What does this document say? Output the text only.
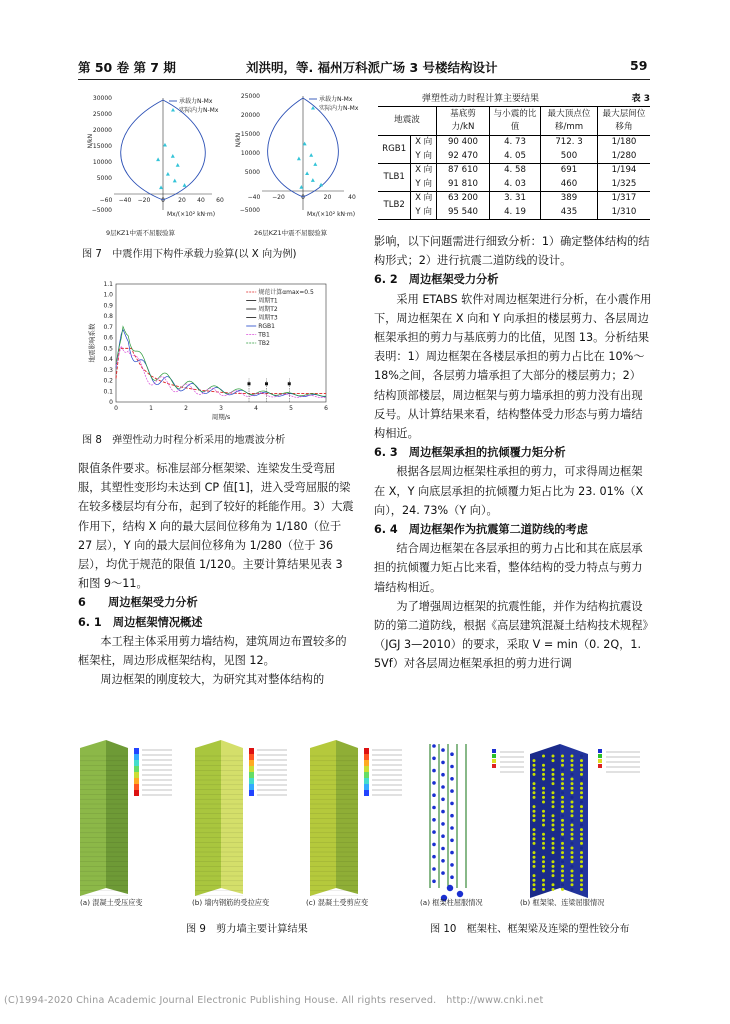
第 50 卷 第 7 期	刘洪明，等. 福州万科派广场 3 号楼结构设计	59
30000
25000
20000
15000
10000
5000
−5000
N/kN
−60 −40 −20 0 20 40 60
Mx/(×10² kN·m)
承载力N-Mx
实际内力N-Mx
9层KZ1中震不屈服验算
25000
20000
15000
10000
5000
−5000
N/kN
−40 −20	0	20	40
Mx/(×10² kN·m)
承载力N-Mx
实际内力N-Mx
26层KZ1中震不屈服验算
图 7　中震作用下构件承载力验算(以 X 向为例)
0
0.1
0.2
0.3
0.4
0.5
0.6
0.7
0.8
0.9
1.0
1.1
0	1	2	3	4	5	6
周期/s
地震影响系数
规范计算αmax=0.5
周期T1
周期T2
周期T3
RGB1
TB1
TB2
图 8　弹塑性动力时程分析采用的地震波分析
弹塑性动力时程计算主要结果	表 3
地震波		基底剪力/kN	与小震的比值	最大顶点位移/mm	最大层间位移角
RGB1	X 向	90 400	4. 73	712. 3	1/180
	Y 向	92 470	4. 05	500	1/280
TLB1	X 向	87 610	4. 58	691	1/194
	Y 向	91 810	4. 03	460	1/325
TLB2	X 向	63 200	3. 31	389	1/317
	Y 向	95 540	4. 19	435	1/310

限值条件要求。标准层部分框架梁、连梁发生受弯屈服，其塑性变形均未达到 CP 值[1]，进入受弯屈服的梁在较多楼层均有分布，起到了较好的耗能作用。3）大震作用下，结构 X 向的最大层间位移角为 1/180（位于 27 层），Y 向的最大层间位移角为 1/280（位于 36 层），均优于规范的限值 1/120。主要计算结果见表 3 和图 9～11。

6　　周边框架受力分析

6. 1　周边框架情况概述

本工程主体采用剪力墙结构，建筑周边布置较多的框架柱，周边形成框架结构，见图 12。

周边框架的刚度较大，为研究其对整体结构的

影响，以下问题需进行细致分析：1）确定整体结构的结构形式；2）进行抗震二道防线的设计。

6. 2　周边框架受力分析

采用 ETABS 软件对周边框架进行分析，在小震作用下，周边框架在 X 向和 Y 向承担的楼层剪力、各层周边框架承担的剪力与基底剪力的比值，见图 13。分析结果表明：1）周边框架在各楼层承担的剪力占比在 10%～18%之间，各层剪力墙承担了大部分的楼层剪力；2）结构顶部楼层，周边框架与剪力墙承担的剪力没有出现反号。从计算结果来看，结构整体受力形态与剪力墙结构相近。

6. 3　周边框架承担的抗倾覆力矩分析

根据各层周边框架柱承担的剪力，可求得周边框架在 X，Y 向底层承担的抗倾覆力矩占比为 23. 01%（X 向），24. 73%（Y 向）。

6. 4　周边框架作为抗震第二道防线的考虑

结合周边框架在各层承担的剪力占比和其在底层承担的抗倾覆力矩占比来看，整体结构的受力特点与剪力墙结构相近。

为了增强周边框架的抗震性能，并作为结构抗震设防的第二道防线，根据《高层建筑混凝土结构技术规程》（JGJ 3—2010）的要求，采取 V = min（0. 2Q，1. 5Vf）对各层周边框架承担的剪力进行调

(a) 混凝土受压应变	(b) 墙内钢筋的受拉应变	(c) 混凝土受剪应变	(a) 框架柱屈服情况	(b) 框架梁、连梁屈服情况
图 9　剪力墙主要计算结果	图 10　框架柱、框架梁及连梁的塑性铰分布
(C)1994-2020 China Academic Journal Electronic Publishing House. All rights reserved.　http://www.cnki.net
